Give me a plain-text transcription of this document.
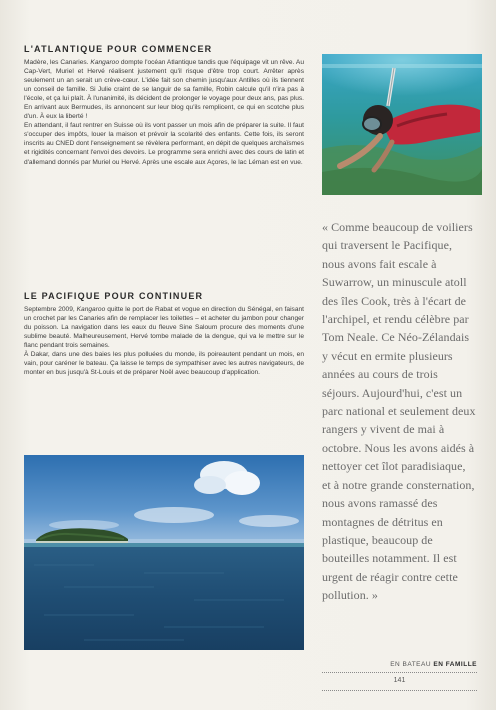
L'ATLANTIQUE POUR COMMENCER

Madère, les Canaries. Kangaroo dompte l'océan Atlantique tandis que l'équipage vit un rêve. Au Cap-Vert, Muriel et Hervé réalisent justement qu'il risque d'être trop court. Arrêter après seulement un an serait un crève-cœur. L'idée fait son chemin jusqu'aux Antilles où ils tiennent un conseil de famille. Si Julie craint de se languir de sa famille, Robin calcule qu'il n'ira pas à l'école, et ça lui plaît. À l'unanimité, ils décident de prolonger le voyage pour deux ans, pas plus. En arrivant aux Bermudes, ils annoncent sur leur blog qu'ils remplicent, ce qui en scotche plus d'un. À eux la liberté !

En attendant, il faut rentrer en Suisse où ils vont passer un mois afin de préparer la suite. Il faut s'occuper des impôts, louer la maison et prévoir la scolarité des enfants. Cette fois, ils seront inscrits au CNED dont l'enseignement se révèlera performant, en dépit de quelques archaïsmes et rigidités concernant l'envoi des devoirs. Le programme sera enrichi avec des cours de latin et d'allemand donnés par Muriel ou Hervé. Après une escale aux Açores, le lac Léman est en vue.

LE PACIFIQUE POUR CONTINUER

Septembre 2009, Kangaroo quitte le port de Rabat et vogue en direction du Sénégal, en faisant un crochet par les Canaries afin de remplacer les toilettes – et acheter du jambon pour changer du poisson. La navigation dans les eaux du fleuve Sine Saloum procure des moments d'une sublime beauté. Malheureusement, Hervé tombe malade de la dengue, qui va le mettre sur le flanc pendant trois semaines.

À Dakar, dans une des baies les plus polluées du monde, ils poireautent pendant un mois, en vain, pour caréner le bateau. Ça laisse le temps de sympathiser avec les autres navigateurs, de monter en bus jusqu'à St-Louis et de préparer Noël avec beaucoup d'application.

« Comme beaucoup de voiliers qui traversent le Pacifique, nous avons fait escale à Suwarrow, un minuscule atoll des îles Cook, très à l'écart de l'archipel, et rendu célèbre par Tom Neale. Ce Néo-Zélandais y vécut en ermite plusieurs années au cours de trois séjours. Aujourd'hui, c'est un parc national et seulement deux rangers y vivent de mai à octobre. Nous les avons aidés à nettoyer cet îlot paradisiaque, et à notre grande consternation, nous avons ramassé des montagnes de détritus en plastique, beaucoup de bouteilles notamment. Il est urgent de réagir contre cette pollution. »
EN BATEAU EN FAMILLE
141
